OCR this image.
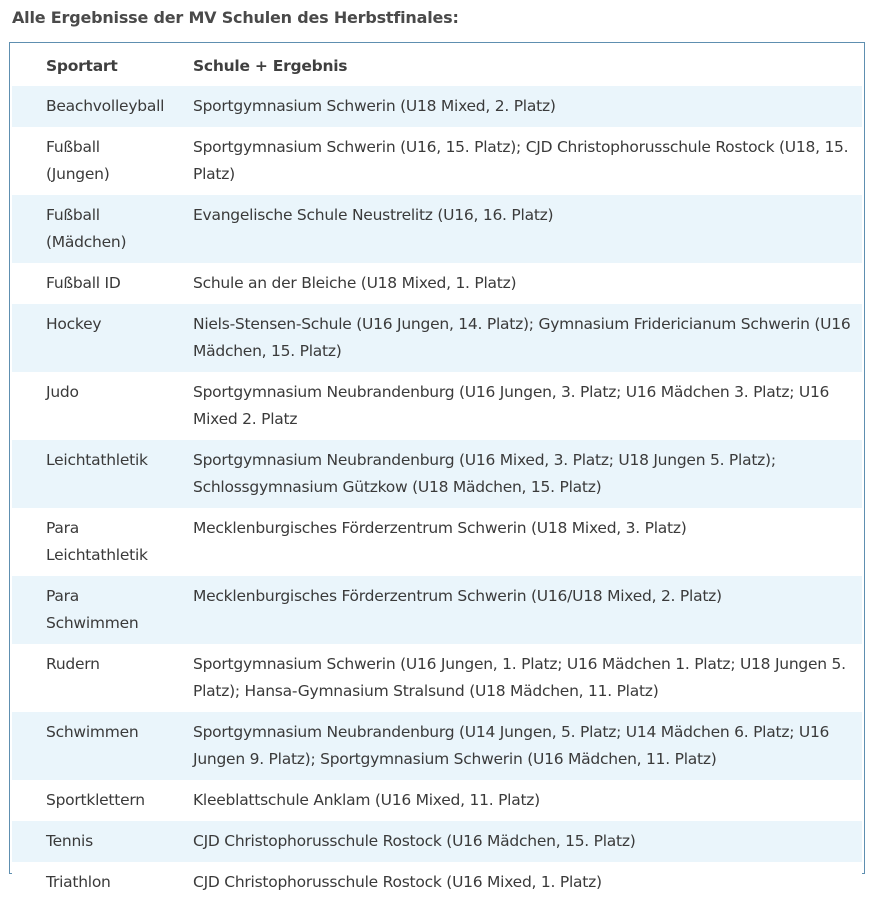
Alle Ergebnisse der MV Schulen des Herbstfinales:
Sportart	Schule + Ergebnis
Beachvolleyball	Sportgymnasium Schwerin (U18 Mixed, 2. Platz)
Fußball (Jungen)	Sportgymnasium Schwerin (U16, 15. Platz); CJD Christophorusschule Rostock (U18, 15. Platz)
Fußball (Mädchen)	Evangelische Schule Neustrelitz (U16, 16. Platz)
Fußball ID	Schule an der Bleiche (U18 Mixed, 1. Platz)
Hockey	Niels-Stensen-Schule (U16 Jungen, 14. Platz); Gymnasium Fridericianum Schwerin (U16 Mädchen, 15. Platz)
Judo	Sportgymnasium Neubrandenburg (U16 Jungen, 3. Platz; U16 Mädchen 3. Platz; U16 Mixed 2. Platz
Leichtathletik	Sportgymnasium Neubrandenburg (U16 Mixed, 3. Platz; U18 Jungen 5. Platz); Schlossgymnasium Gützkow (U18 Mädchen, 15. Platz)
Para Leichtathletik	Mecklenburgisches Förderzentrum Schwerin (U18 Mixed, 3. Platz)
Para Schwimmen	Mecklenburgisches Förderzentrum Schwerin (U16/U18 Mixed, 2. Platz)
Rudern	Sportgymnasium Schwerin (U16 Jungen, 1. Platz; U16 Mädchen 1. Platz; U18 Jungen 5. Platz); Hansa-Gymnasium Stralsund (U18 Mädchen, 11. Platz)
Schwimmen	Sportgymnasium Neubrandenburg (U14 Jungen, 5. Platz; U14 Mädchen 6. Platz; U16 Jungen 9. Platz); Sportgymnasium Schwerin (U16 Mädchen, 11. Platz)
Sportklettern	Kleeblattschule Anklam (U16 Mixed, 11. Platz)
Tennis	CJD Christophorusschule Rostock (U16 Mädchen, 15. Platz)
Triathlon	CJD Christophorusschule Rostock (U16 Mixed, 1. Platz)
